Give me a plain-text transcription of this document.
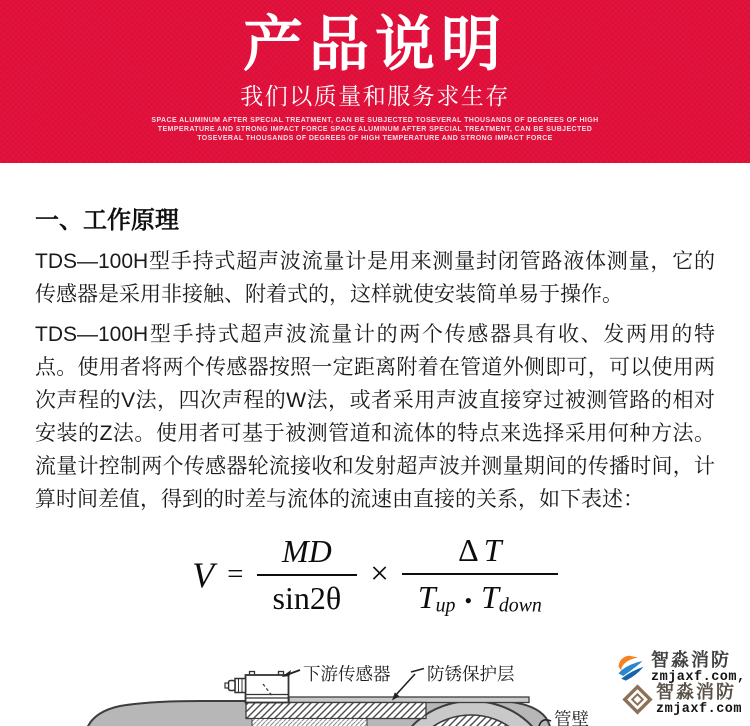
产品说明
我们以质量和服务求生存
SPACE ALUMINUM AFTER SPECIAL TREATMENT, CAN BE SUBJECTED TOSEVERAL THOUSANDS OF DEGREES OF HIGH
TEMPERATURE AND STRONG IMPACT FORCE SPACE ALUMINUM AFTER SPECIAL TREATMENT, CAN BE SUBJECTED
TOSEVERAL THOUSANDS OF DEGREES OF HIGH TEMPERATURE AND STRONG IMPACT FORCE
一、工作原理
TDS—100H型手持式超声波流量计是用来测量封闭管路液体测量，它的传感器是采用非接触、附着式的，这样就使安装简单易于操作。
TDS—100H型手持式超声波流量计的两个传感器具有收、发两用的特点。使用者将两个传感器按照一定距离附着在管道外侧即可，可以使用两次声程的V法，四次声程的W法，或者采用声波直接穿过被测管路的相对安装的Z法。使用者可基于被测管道和流体的特点来选择采用何种方法。流量计控制两个传感器轮流接收和发射超声波并测量期间的传播时间，计算时间差值，得到的时差与流体的流速由直接的关系，如下表述：
$V = \frac{MD}{\sin 2\theta} \times \frac{\text{Δ T}}{\text{Tup • Tdown}}$
下游传感器 防锈保护层
管壁
智淼消防
zmjaxf.com,
智淼消防
zmjaxf.com
